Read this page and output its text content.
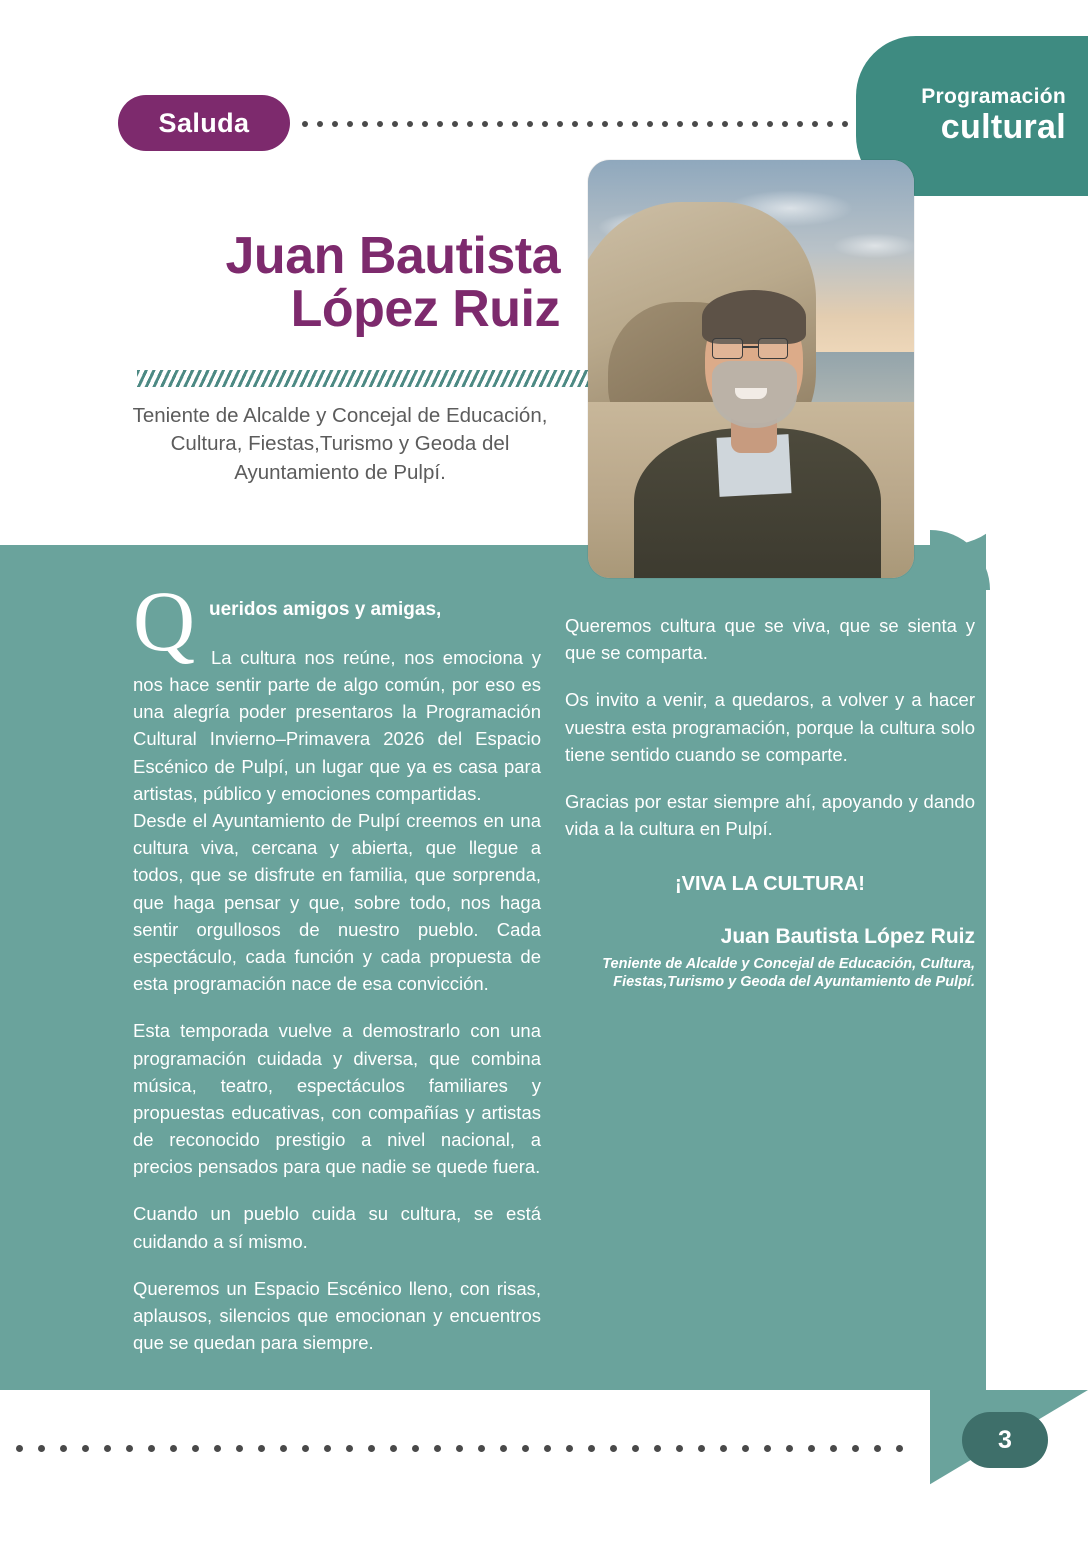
Programación
cultural
Saluda
Juan Bautista
López Ruiz
Teniente de Alcalde y Concejal de Educación, Cultura, Fiestas,Turismo y Geoda del Ayuntamiento de Pulpí.
Q ueridos amigos y amigas,

La cultura nos reúne, nos emociona y nos hace sentir parte de algo común, por eso es una alegría poder presentaros la Programación Cultural Invierno–Primavera 2026 del Espacio Escénico de Pulpí, un lugar que ya es casa para artistas, público y emociones compartidas.

Desde el Ayuntamiento de Pulpí creemos en una cultura viva, cercana y abierta, que llegue a todos, que se disfrute en familia, que sorprenda, que haga pensar y que, sobre todo, nos haga sentir orgullosos de nuestro pueblo. Cada espectáculo, cada función y cada propuesta de esta programación nace de esa convicción.

Esta temporada vuelve a demostrarlo con una programación cuidada y diversa, que combina música, teatro, espectáculos familiares y propuestas educativas, con compañías y artistas de reconocido prestigio a nivel nacional, a precios pensados para que nadie se quede fuera.

Cuando un pueblo cuida su cultura, se está cuidando a sí mismo.

Queremos un Espacio Escénico lleno, con risas, aplausos, silencios que emocionan y encuentros que se quedan para siempre.

Queremos cultura que se viva, que se sienta y que se comparta.

Os invito a venir, a quedaros, a volver y a hacer vuestra esta programación, porque la cultura solo tiene sentido cuando se comparte.

Gracias por estar siempre ahí, apoyando y dando vida a la cultura en Pulpí.

¡VIVA LA CULTURA!
Juan Bautista López Ruiz
Teniente de Alcalde y Concejal de Educación, Cultura,
Fiestas,Turismo y Geoda del Ayuntamiento de Pulpí.
3
